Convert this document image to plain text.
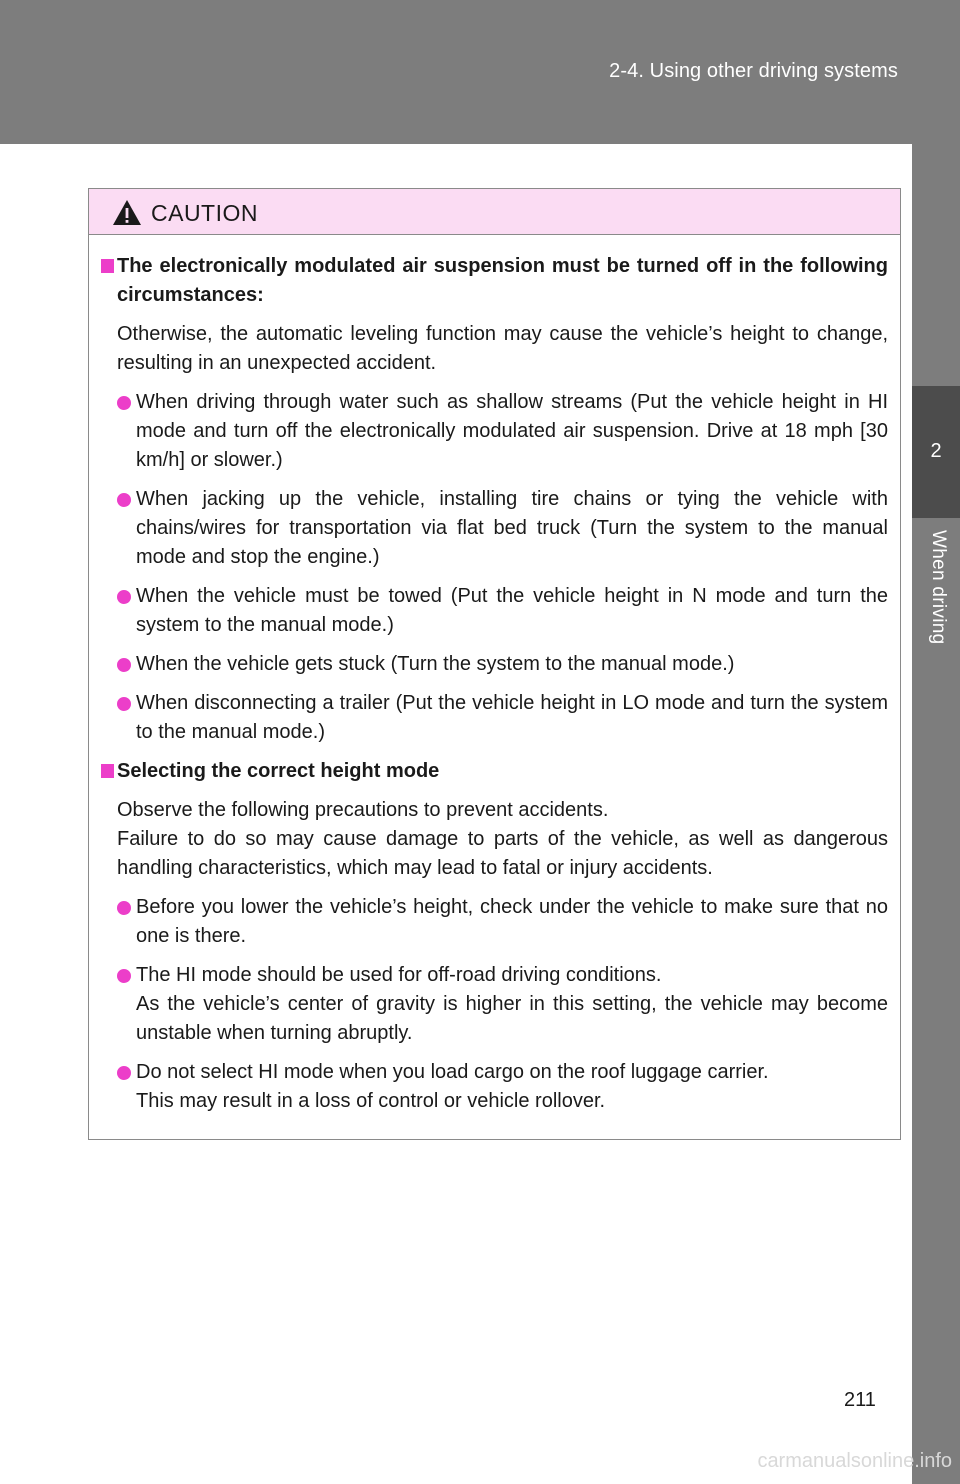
2-4. Using other driving systems
2
When driving
CAUTION
The electronically modulated air suspension must be turned off in the following circumstances:
Otherwise, the automatic leveling function may cause the vehicle’s height to change, resulting in an unexpected accident.
When driving through water such as shallow streams (Put the vehicle height in HI mode and turn off the electronically modulated air suspension. Drive at 18 mph [30 km/h] or slower.)
When jacking up the vehicle, installing tire chains or tying the vehicle with chains/wires for transportation via flat bed truck (Turn the system to the manual mode and stop the engine.)
When the vehicle must be towed (Put the vehicle height in N mode and turn the system to the manual mode.)
When the vehicle gets stuck (Turn the system to the manual mode.)
When disconnecting a trailer (Put the vehicle height in LO mode and turn the system to the manual mode.)
Selecting the correct height mode
Observe the following precautions to prevent accidents.
Failure to do so may cause damage to parts of the vehicle, as well as dangerous handling characteristics, which may lead to fatal or injury accidents.
Before you lower the vehicle’s height, check under the vehicle to make sure that no one is there.
The HI mode should be used for off-road driving conditions.
As the vehicle’s center of gravity is higher in this setting, the vehicle may become unstable when turning abruptly.
Do not select HI mode when you load cargo on the roof luggage carrier.
This may result in a loss of control or vehicle rollover.
211
carmanualsonline.info
